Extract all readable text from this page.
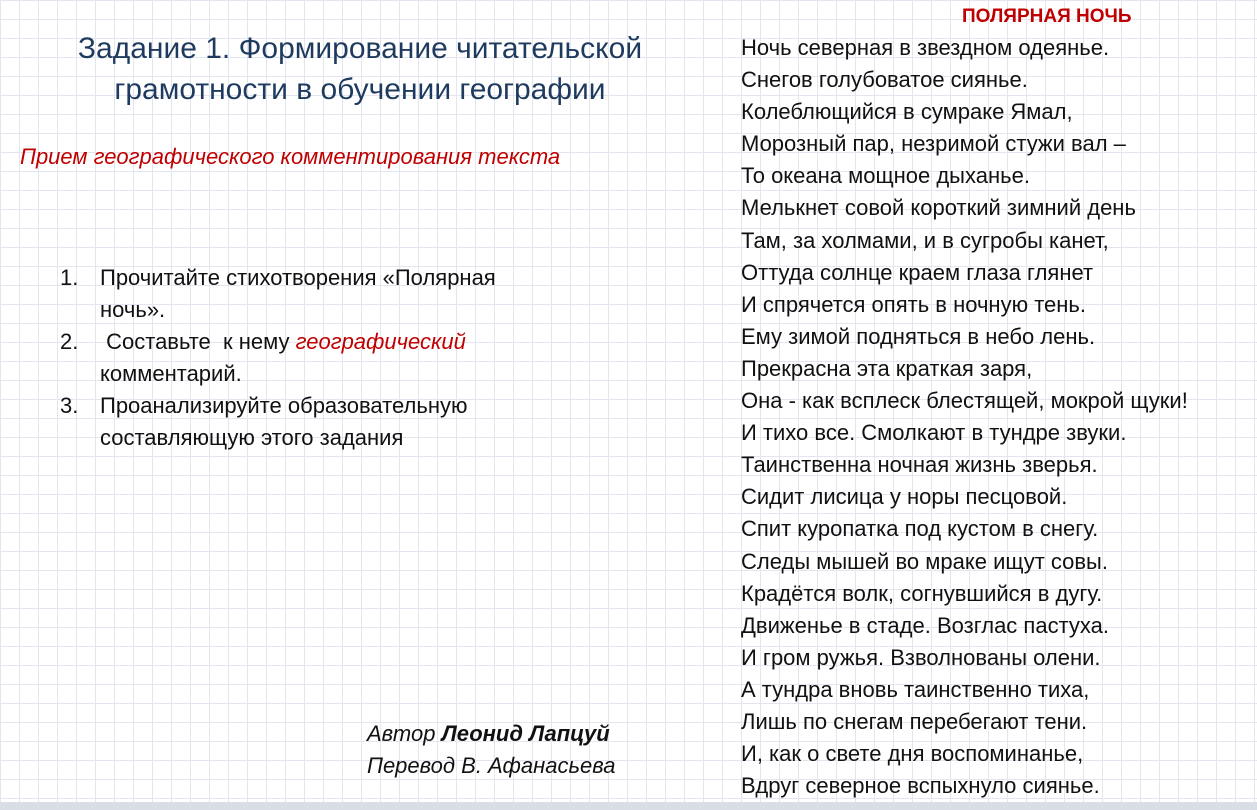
Задание 1. Формирование читательской
грамотности в обучении географии
Прием географического комментирования текста
1. Прочитайте стихотворения «Полярная
ночь».
2. Составьте  к нему географический
комментарий.
3. Проанализируйте образовательную
составляющую этого задания
Автор Леонид Лапцуй
Перевод В. Афанасьева
ПОЛЯРНАЯ НОЧЬ
Ночь северная в звездном одеянье.
Снегов голубоватое сиянье.
Колеблющийся в сумраке Ямал,
Морозный пар, незримой стужи вал –
То океана мощное дыханье.
Мелькнет совой короткий зимний день
Там, за холмами, и в сугробы канет,
Оттуда солнце краем глаза глянет
И спрячется опять в ночную тень.
Ему зимой подняться в небо лень.
Прекрасна эта краткая заря,
Она - как всплеск блестящей, мокрой щуки!
И тихо все. Смолкают в тундре звуки.
Таинственна ночная жизнь зверья.
Сидит лисица у норы песцовой.
Спит куропатка под кустом в снегу.
Следы мышей во мраке ищут совы.
Крадётся волк, согнувшийся в дугу.
Движенье в стаде. Возглас пастуха.
И гром ружья. Взволнованы олени.
А тундра вновь таинственно тиха,
Лишь по снегам перебегают тени.
И, как о свете дня воспоминанье,
Вдруг северное вспыхнуло сиянье.
